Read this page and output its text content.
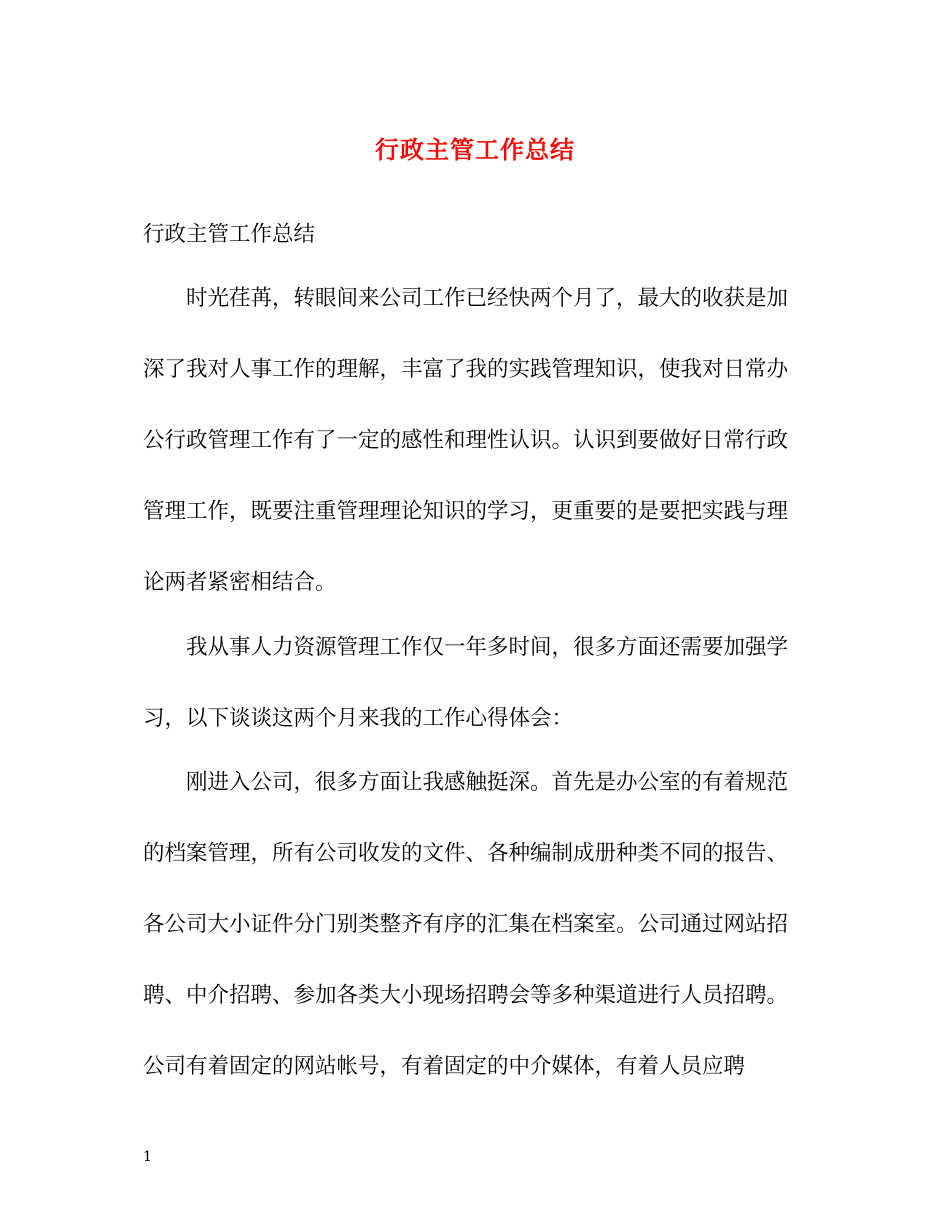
行政主管工作总结
行政主管工作总结
　　时光荏苒，转眼间来公司工作已经快两个月了，最大的收获是加
深了我对人事工作的理解，丰富了我的实践管理知识，使我对日常办
公行政管理工作有了一定的感性和理性认识。认识到要做好日常行政
管理工作，既要注重管理理论知识的学习，更重要的是要把实践与理
论两者紧密相结合。
　　我从事人力资源管理工作仅一年多时间，很多方面还需要加强学
习，以下谈谈这两个月来我的工作心得体会：
　　刚进入公司，很多方面让我感触挺深。首先是办公室的有着规范
的档案管理，所有公司收发的文件、各种编制成册种类不同的报告、
各公司大小证件分门别类整齐有序的汇集在档案室。公司通过网站招
聘、中介招聘、参加各类大小现场招聘会等多种渠道进行人员招聘。
公司有着固定的网站帐号，有着固定的中介媒体，有着人员应聘
1
